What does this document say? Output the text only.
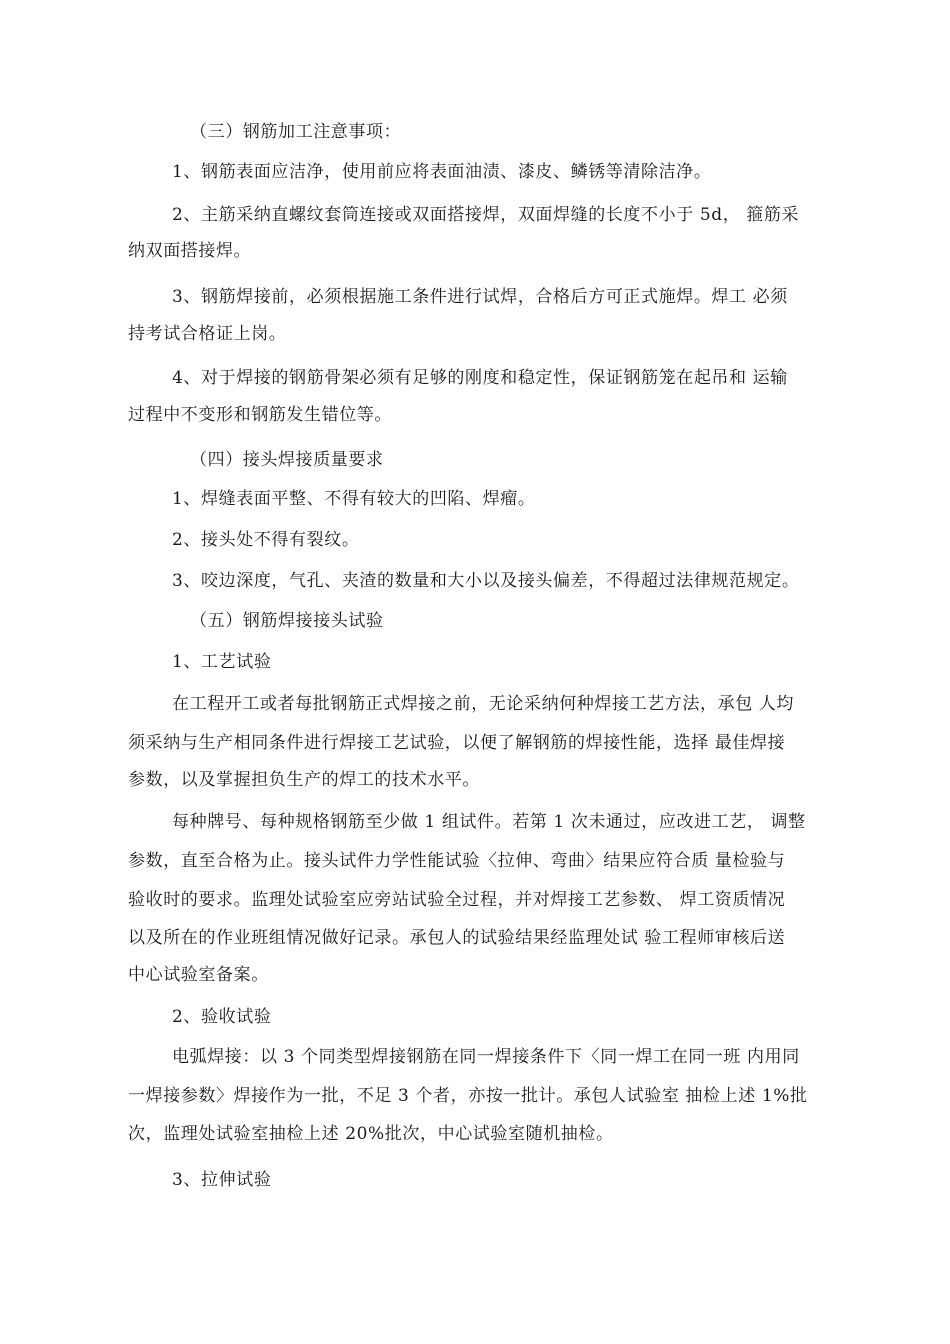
（三）钢筋加工注意事项：
1、钢筋表面应洁净，使用前应将表面油渍、漆皮、鳞锈等清除洁净。
2、主筋采纳直螺纹套筒连接或双面搭接焊，双面焊缝的长度不小于 5d， 箍筋采
纳双面搭接焊。
3、钢筋焊接前，必须根据施工条件进行试焊，合格后方可正式施焊。焊工 必须
持考试合格证上岗。
4、对于焊接的钢筋骨架必须有足够的刚度和稳定性，保证钢筋笼在起吊和 运输
过程中不变形和钢筋发生错位等。
（四）接头焊接质量要求
1、焊缝表面平整、不得有较大的凹陷、焊瘤。
2、接头处不得有裂纹。
3、咬边深度，气孔、夹渣的数量和大小以及接头偏差，不得超过法律规范规定。
（五）钢筋焊接接头试验
1、工艺试验
在工程开工或者每批钢筋正式焊接之前，无论采纳何种焊接工艺方法，承包 人均
须采纳与生产相同条件进行焊接工艺试验，以便了解钢筋的焊接性能，选择 最佳焊接
参数，以及掌握担负生产的焊工的技术水平。
每种牌号、每种规格钢筋至少做 1 组试件。若第 1 次未通过，应改进工艺， 调整
参数，直至合格为止。接头试件力学性能试验〈拉伸、弯曲〉结果应符合质 量检验与
验收时的要求。监理处试验室应旁站试验全过程，并对焊接工艺参数、 焊工资质情况
以及所在的作业班组情况做好记录。承包人的试验结果经监理处试 验工程师审核后送
中心试验室备案。
2、验收试验
电弧焊接：以 3 个同类型焊接钢筋在同一焊接条件下〈同一焊工在同一班 内用同
一焊接参数〉焊接作为一批，不足 3 个者，亦按一批计。承包人试验室 抽检上述 1%批
次，监理处试验室抽检上述 20%批次，中心试验室随机抽检。
3、拉伸试验
